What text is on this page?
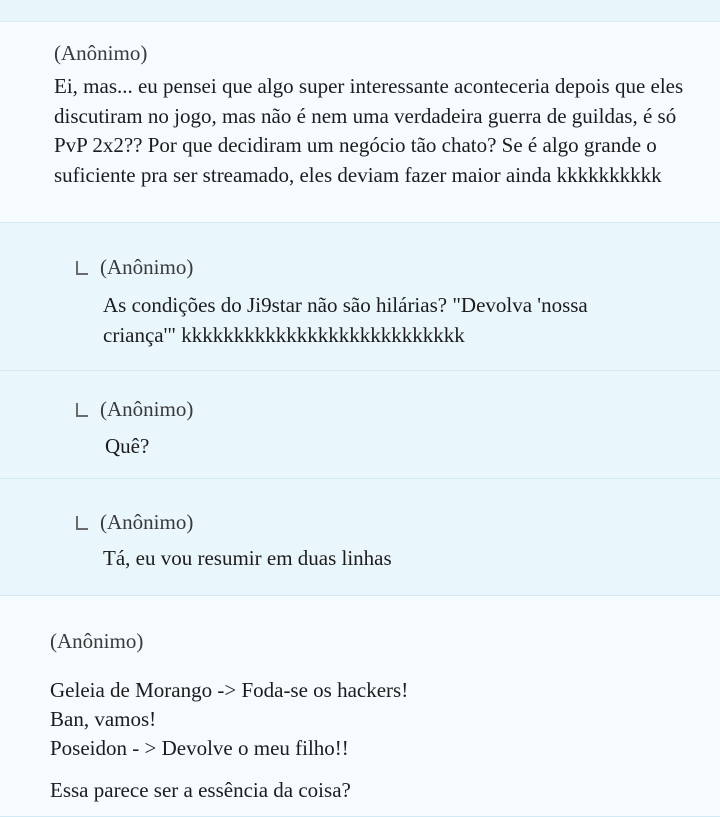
(Anônimo)
Ei, mas... eu pensei que algo super interessante aconteceria depois que eles discutiram no jogo, mas não é nem uma verdadeira guerra de guildas, é só PvP 2x2?? Por que decidiram um negócio tão chato? Se é algo grande o suficiente pra ser streamado, eles deviam fazer maior ainda kkkkkkkkkk
(Anônimo)
As condições do Ji9star não são hilárias? "Devolva 'nossa criança'" kkkkkkkkkkkkkkkkkkkkkkkkkkk
(Anônimo)
Quê?
(Anônimo)
Tá, eu vou resumir em duas linhas
(Anônimo)
Geleia de Morango -> Foda-se os hackers!
Ban, vamos!
Poseidon - > Devolve o meu filho!!
Essa parece ser a essência da coisa?
